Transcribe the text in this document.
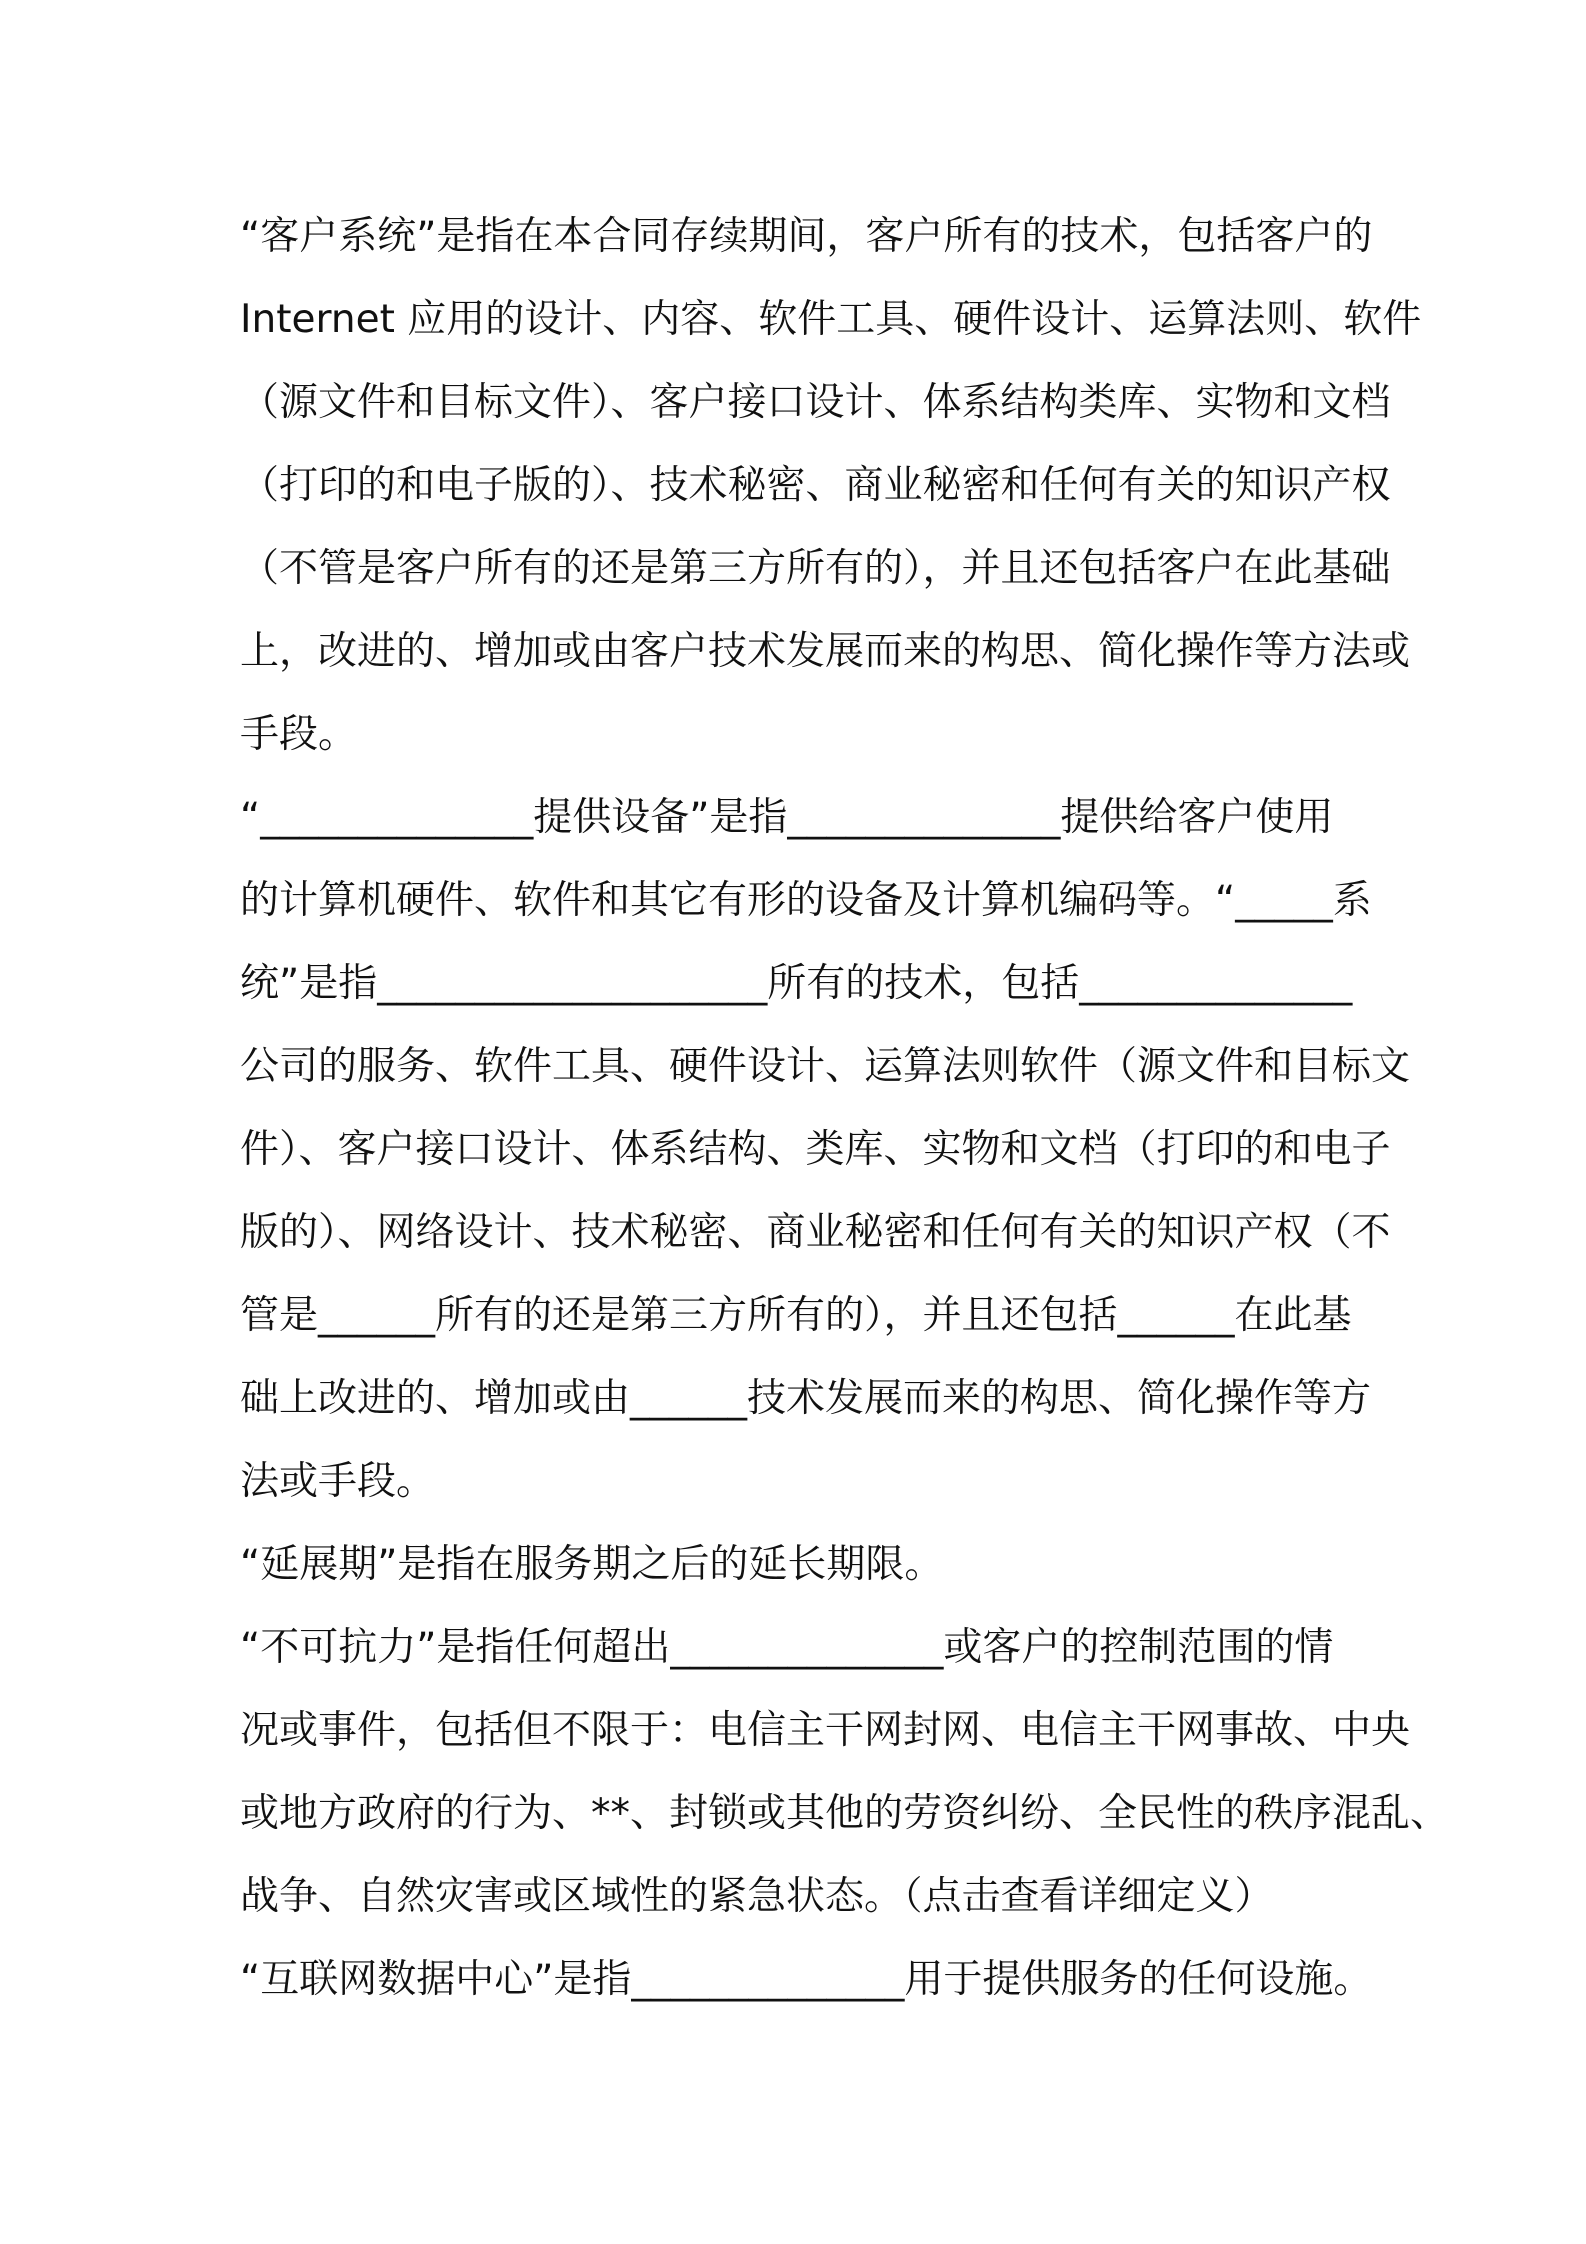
“客户系统”是指在本合同存续期间，客户所有的技术，包括客户的
Internet 应用的设计、内容、软件工具、硬件设计、运算法则、软件
（源文件和目标文件）、客户接口设计、体系结构类库、实物和文档
（打印的和电子版的）、技术秘密、商业秘密和任何有关的知识产权
（不管是客户所有的还是第三方所有的），并且还包括客户在此基础
上，改进的、增加或由客户技术发展而来的构思、简化操作等方法或
手段。
“______________提供设备”是指______________提供给客户使用
的计算机硬件、软件和其它有形的设备及计算机编码等。“_____系
统”是指____________________所有的技术，包括______________
公司的服务、软件工具、硬件设计、运算法则软件（源文件和目标文
件）、客户接口设计、体系结构、类库、实物和文档（打印的和电子
版的）、网络设计、技术秘密、商业秘密和任何有关的知识产权（不
管是______所有的还是第三方所有的），并且还包括______在此基
础上改进的、增加或由______技术发展而来的构思、简化操作等方
法或手段。
“延展期”是指在服务期之后的延长期限。
“不可抗力”是指任何超出______________或客户的控制范围的情
况或事件，包括但不限于：电信主干网封网、电信主干网事故、中央
或地方政府的行为、**、封锁或其他的劳资纠纷、全民性的秩序混乱、
战争、自然灾害或区域性的紧急状态。（点击查看详细定义）
“互联网数据中心”是指______________用于提供服务的任何设施。
